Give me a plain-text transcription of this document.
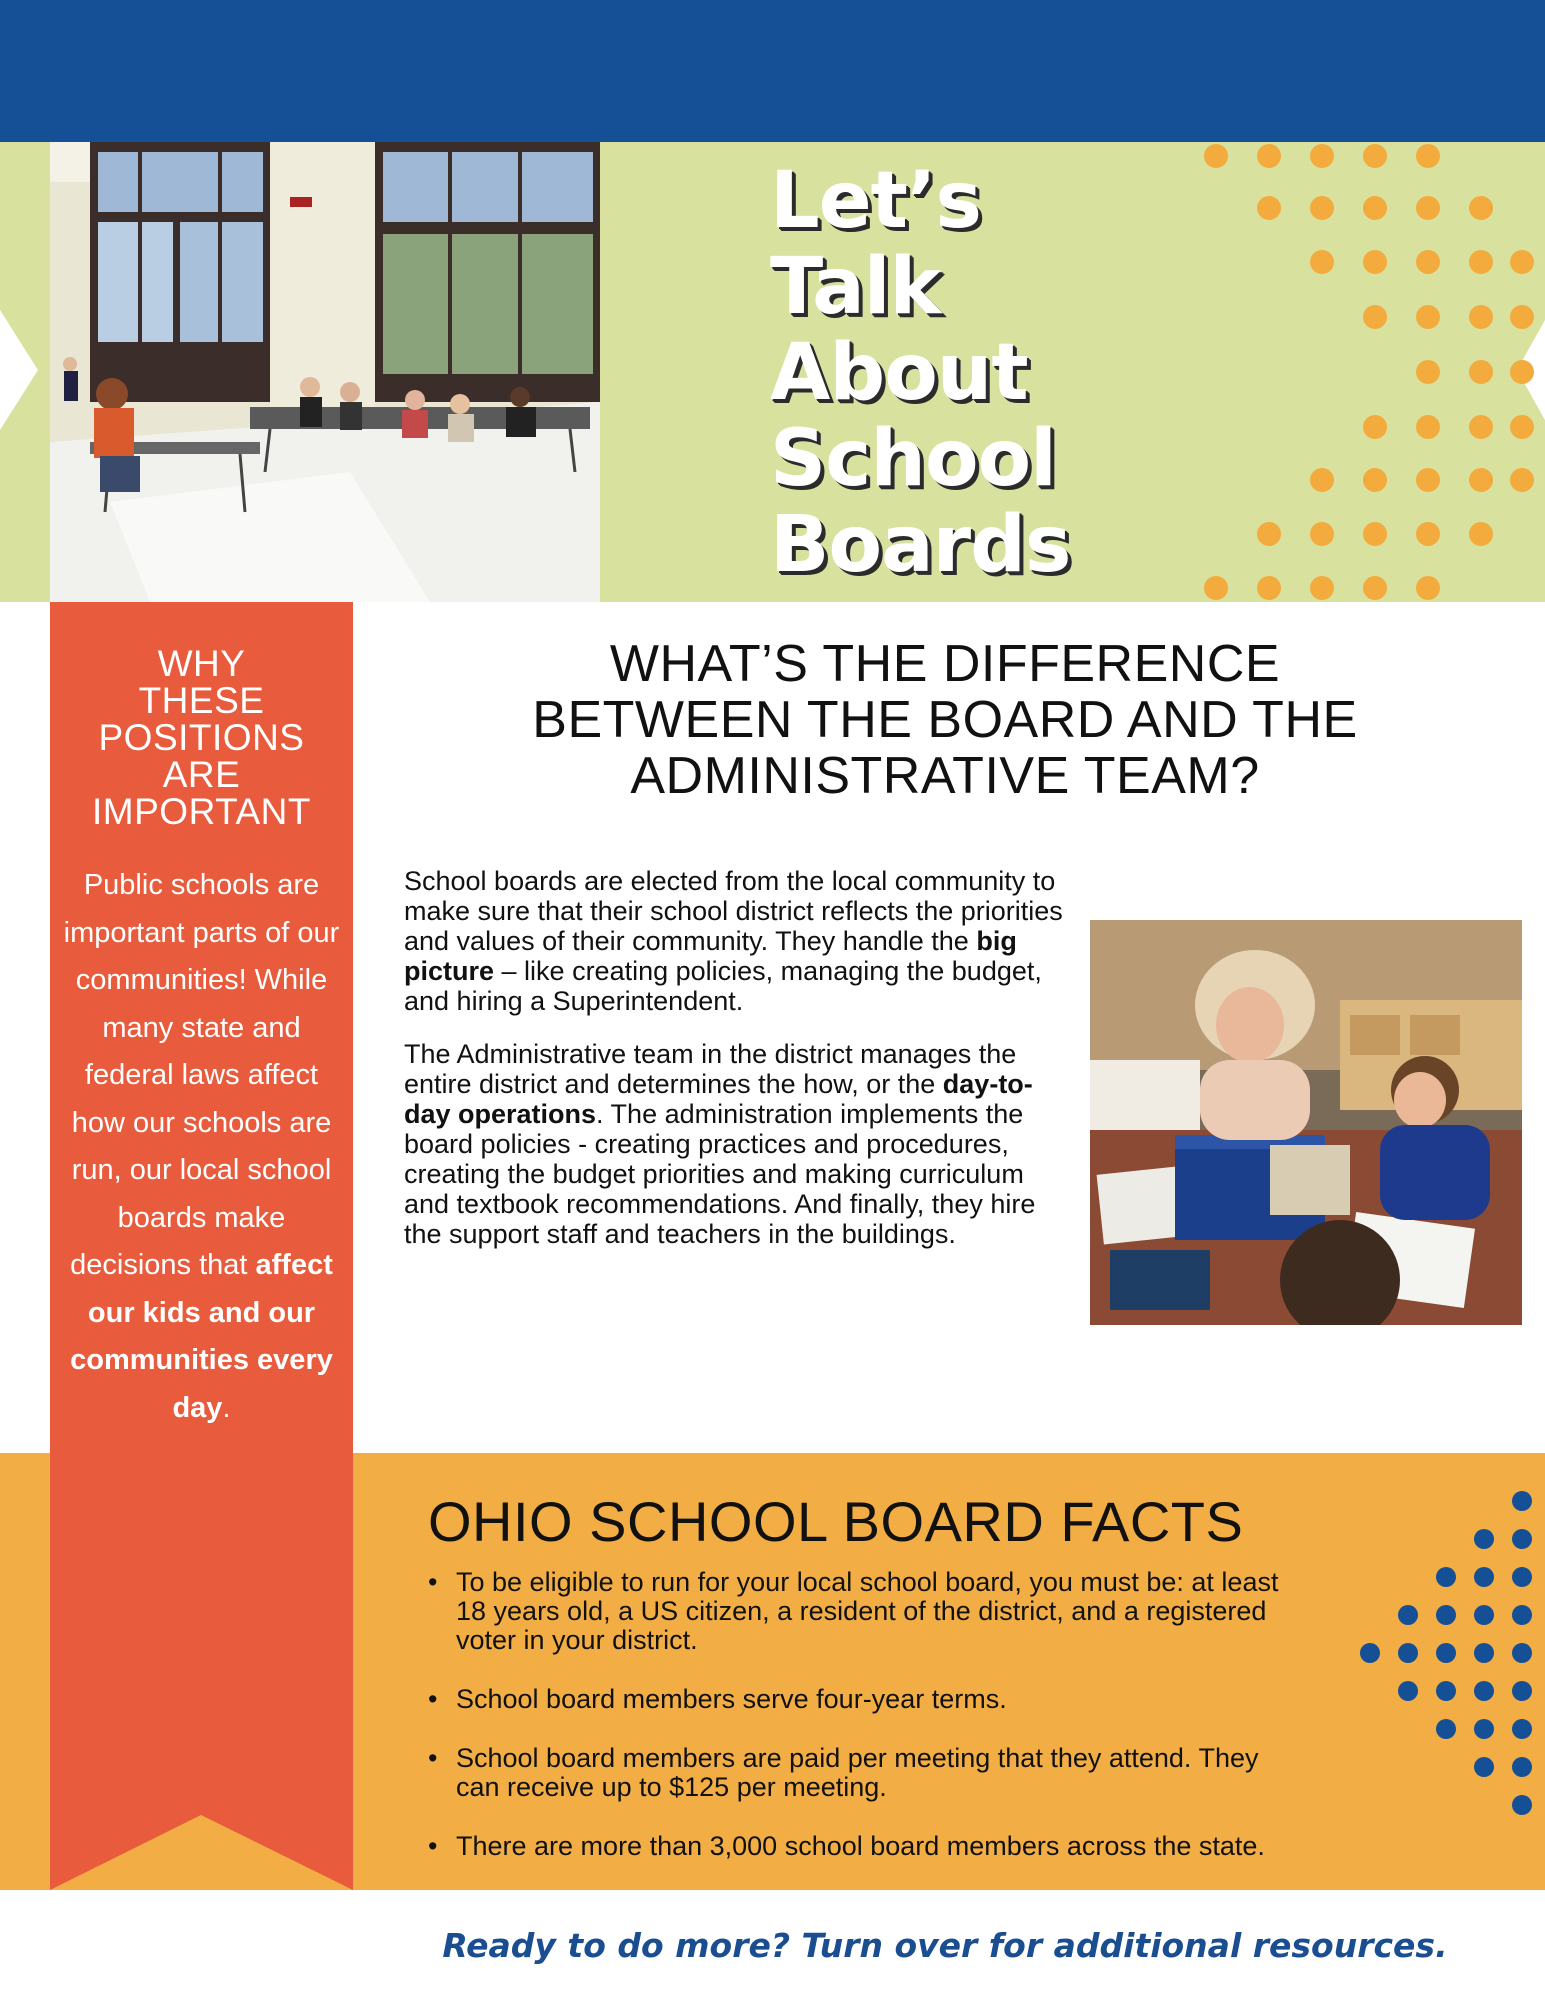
Let’s
Talk
About
School
Boards
WHY
THESE
POSITIONS
ARE
IMPORTANT
Public schools are important parts of our communities! While many state and federal laws affect how our schools are run, our local school boards make decisions that affect our kids and our communities every day.
WHAT’S THE DIFFERENCE
BETWEEN THE BOARD AND THE
ADMINISTRATIVE TEAM?

School boards are elected from the local community to make sure that their school district reflects the priorities and values of their community. They handle the big picture – like creating policies, managing the budget, and hiring a Superintendent.

The Administrative team in the district manages the entire district and determines the how, or the day-to-day operations. The administration implements the board policies - creating practices and procedures, creating the budget priorities and making curriculum and textbook recommendations. And finally, they hire the support staff and teachers in the buildings.

OHIO SCHOOL BOARD FACTS
• To be eligible to run for your local school board, you must be: at least 18 years old, a US citizen, a resident of the district, and a registered voter in your district.
• School board members serve four-year terms.
• School board members are paid per meeting that they attend. They can receive up to $125 per meeting.
• There are more than 3,000 school board members across the state.
Ready to do more? Turn over for additional resources.
